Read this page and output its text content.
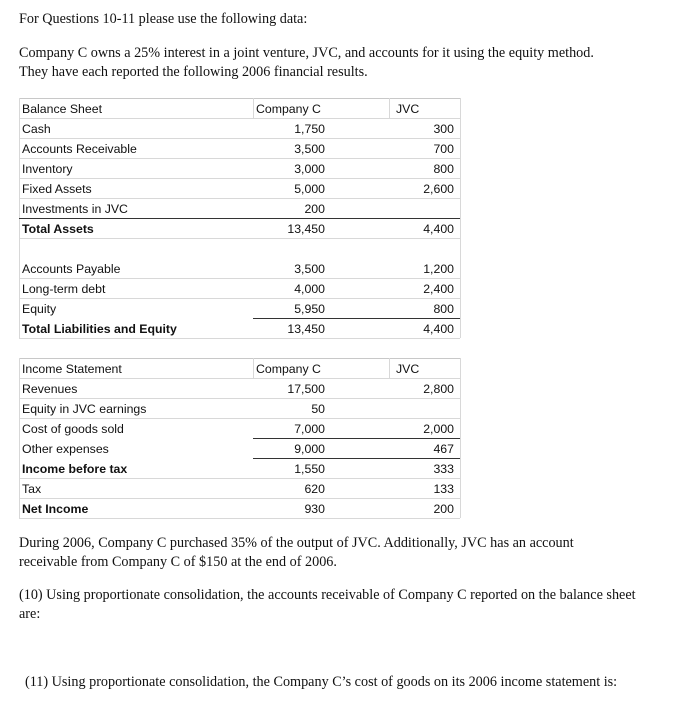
For Questions 10-11 please use the following data:

Company C owns a 25% interest in a joint venture, JVC, and accounts for it using the equity method.
They have each reported the following 2006 financial results.

Balance Sheet	Company C	JVC
Cash	1,750	300
Accounts Receivable	3,500	700
Inventory	3,000	800
Fixed Assets	5,000	2,600
Investments in JVC	200
Total Assets	13,450	4,400
Accounts Payable	3,500	1,200
Long-term debt	4,000	2,400
Equity	5,950	800
Total Liabilities and Equity	13,450	4,400
Income Statement	Company C	JVC
Revenues	17,500	2,800
Equity in JVC earnings	50
Cost of goods sold	7,000	2,000
Other expenses	9,000	467
Income before tax	1,550	333
Tax	620	133
Net Income	930	200

During 2006, Company C purchased 35% of the output of JVC. Additionally, JVC has an account
receivable from Company C of $150 at the end of 2006.

(10) Using proportionate consolidation, the accounts receivable of Company C reported on the balance sheet are:

(11) Using proportionate consolidation, the Company C’s cost of goods on its 2006 income statement is:
